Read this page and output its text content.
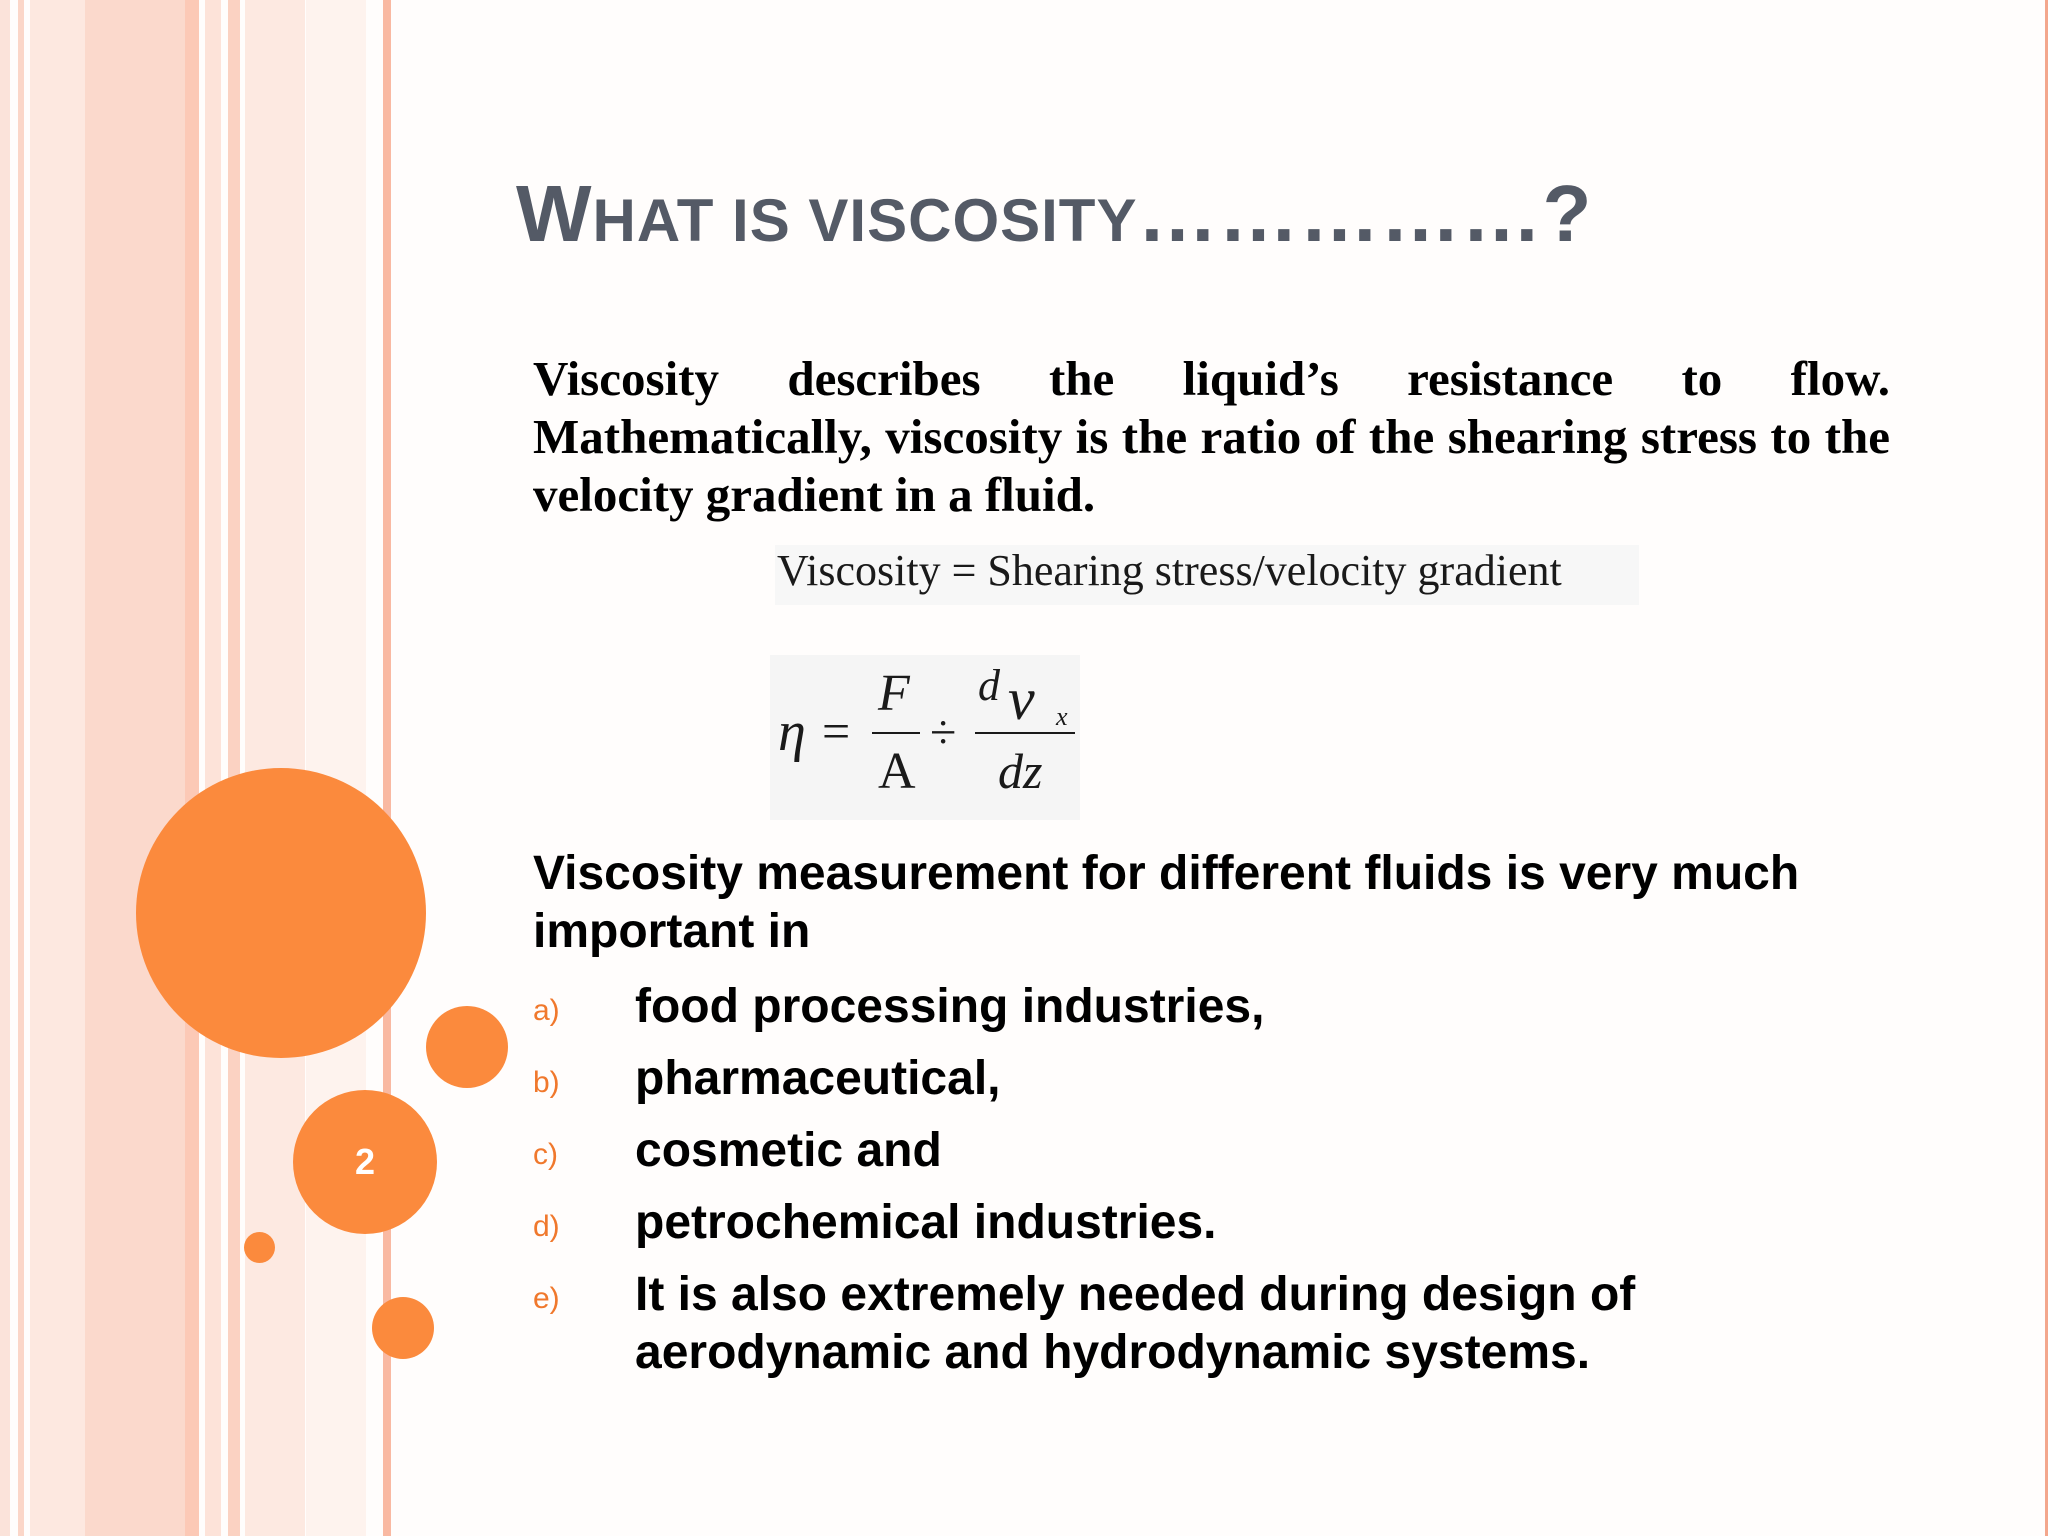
2
WHAT IS VISCOSITY……………?
Viscosity describes the liquid’s resistance to flow. Mathematically, viscosity is the ratio of the shearing stress to the velocity gradient in a fluid.
Viscosity = Shearing stress/velocity gradient
η =
F
A
÷
d v x
dz
Viscosity measurement for different fluids is very much important in
a) food processing industries,
b) pharmaceutical,
c) cosmetic and
d) petrochemical industries.
e) It is also extremely needed during design of aerodynamic and hydrodynamic systems.
